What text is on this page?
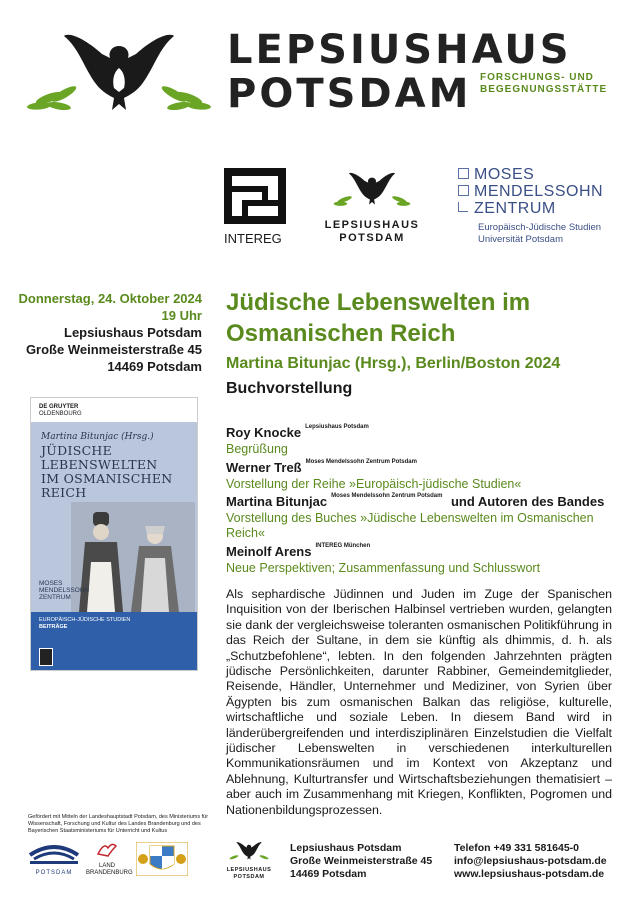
LEPSIUSHAUS
POTSDAM FORSCHUNGS- UND
BEGEGNUNGSSTÄTTE
INTEREG
LEPSIUSHAUS
POTSDAM
MOSES
MENDELSSOHN
ZENTRUM
Europäisch-Jüdische Studien
Universität Potsdam
Donnerstag, 24. Oktober 2024
19 Uhr
Lepsiushaus Potsdam
Große Weinmeisterstraße 45
14469 Potsdam
Jüdische Lebenswelten im
Osmanischen Reich
Martina Bitunjac (Hrsg.), Berlin/Boston 2024
Buchvorstellung
Roy Knocke $^{Lepsiushaus Potsdam}$
Begrüßung
Werner Treß $^{Moses Mendelssohn Zentrum Potsdam}$
Vorstellung der Reihe »Europäisch-jüdische Studien«
Martina Bitunjac $^{Moses Mendelssohn Zentrum Potsdam}$ und Autoren des Bandes
Vorstellung des Buches »Jüdische Lebenswelten im Osmanischen Reich«
Meinolf Arens $^{INTEREG München}$
Neue Perspektiven; Zusammenfassung und Schlusswort
Als sephardische Jüdinnen und Juden im Zuge der Spanischen Inquisition von der Iberischen Halbinsel vertrieben wurden, gelangten sie dank der vergleichsweise toleranten osmanischen Politikführung in das Reich der Sultane, in dem sie künftig als dhimmis, d. h. als „Schutzbefohlene“, lebten. In den folgenden Jahrzehnten prägten jüdische Persönlichkeiten, darunter Rabbiner, Gemeindemitglieder, Reisende, Händler, Unternehmer und Mediziner, von Syrien über Ägypten bis zum osmanischen Balkan das religiöse, kulturelle, wirtschaftliche und soziale Leben. In diesem Band wird in länderübergreifenden und interdisziplinären Einzelstudien die Vielfalt jüdischer Lebenswelten in verschiedenen interkulturellen Kommunikationsräumen und im Kontext von Akzeptanz und Ablehnung, Kulturtransfer und Wirtschaftsbeziehungen thematisiert – aber auch im Zusammenhang mit Kriegen, Konflikten, Pogromen und Nationenbildungsprozessen.
DE GRUYTER
OLDENBOURG
Martina Bitunjac (Hrsg.)
JÜDISCHE
LEBENSWELTEN
IM OSMANISCHEN
REICH
MOSES
MENDELSSOHN
ZENTRUM
EUROPÄISCH-JÜDISCHE STUDIEN
BEITRÄGE
Gefördert mit Mitteln der Landeshauptstadt Potsdam, des Ministeriums für Wissenschaft, Forschung und Kultur des Landes Brandenburg und des Bayerischen Staatsministeriums für Unterricht und Kultus
POTSDAM
LAND
BRANDENBURG	LEPSIUSHAUS
POTSDAM
Lepsiushaus Potsdam
Große Weinmeisterstraße 45
14469 Potsdam
Telefon +49 331 581645-0
info@lepsiushaus-potsdam.de
www.lepsiushaus-potsdam.de
